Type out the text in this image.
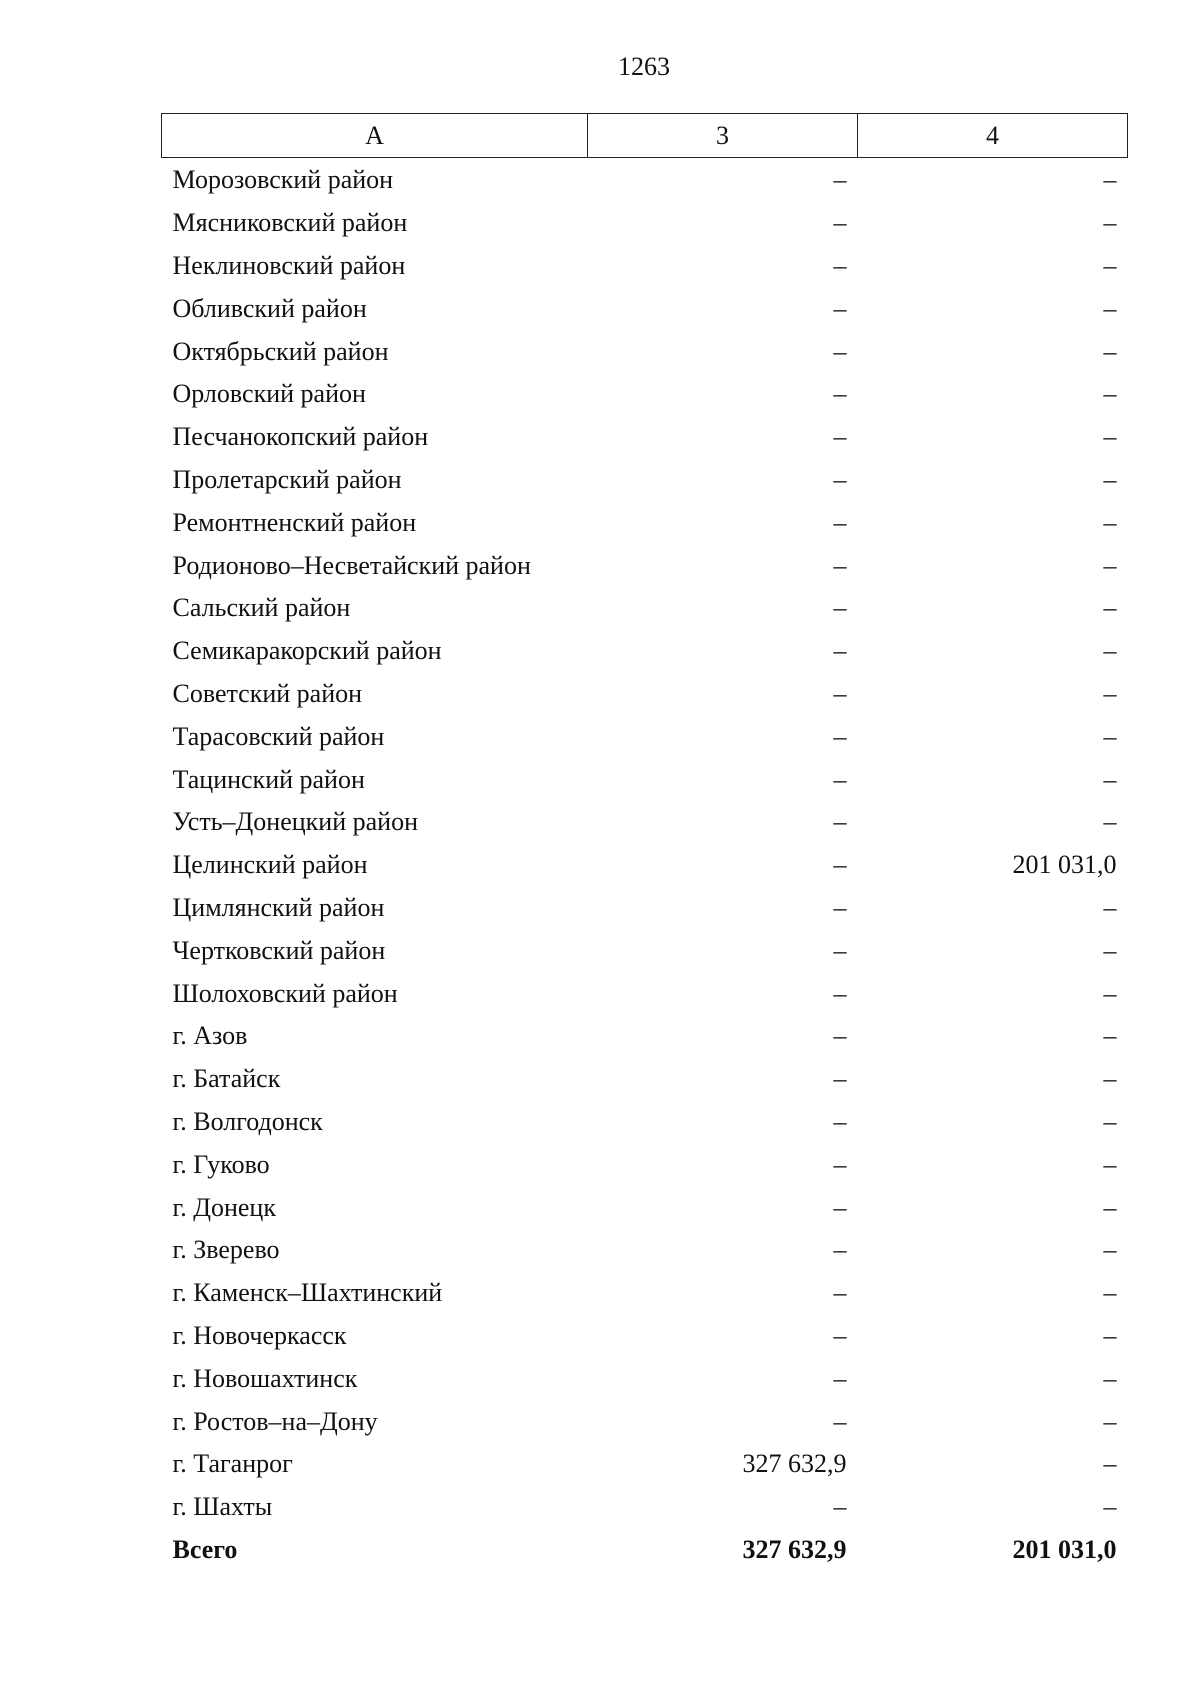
1263
А	3	4
Морозовский район	–	–
Мясниковский район	–	–
Неклиновский район	–	–
Обливский район	–	–
Октябрьский район	–	–
Орловский район	–	–
Песчанокопский район	–	–
Пролетарский район	–	–
Ремонтненский район	–	–
Родионово–Несветайский район	–	–
Сальский район	–	–
Семикаракорский район	–	–
Советский район	–	–
Тарасовский район	–	–
Тацинский район	–	–
Усть–Донецкий район	–	–
Целинский район	–	201 031,0
Цимлянский район	–	–
Чертковский район	–	–
Шолоховский район	–	–
г. Азов	–	–
г. Батайск	–	–
г. Волгодонск	–	–
г. Гуково	–	–
г. Донецк	–	–
г. Зверево	–	–
г. Каменск–Шахтинский	–	–
г. Новочеркасск	–	–
г. Новошахтинск	–	–
г. Ростов–на–Дону	–	–
г. Таганрог	327 632,9	–
г. Шахты	–	–
Всего	327 632,9	201 031,0
